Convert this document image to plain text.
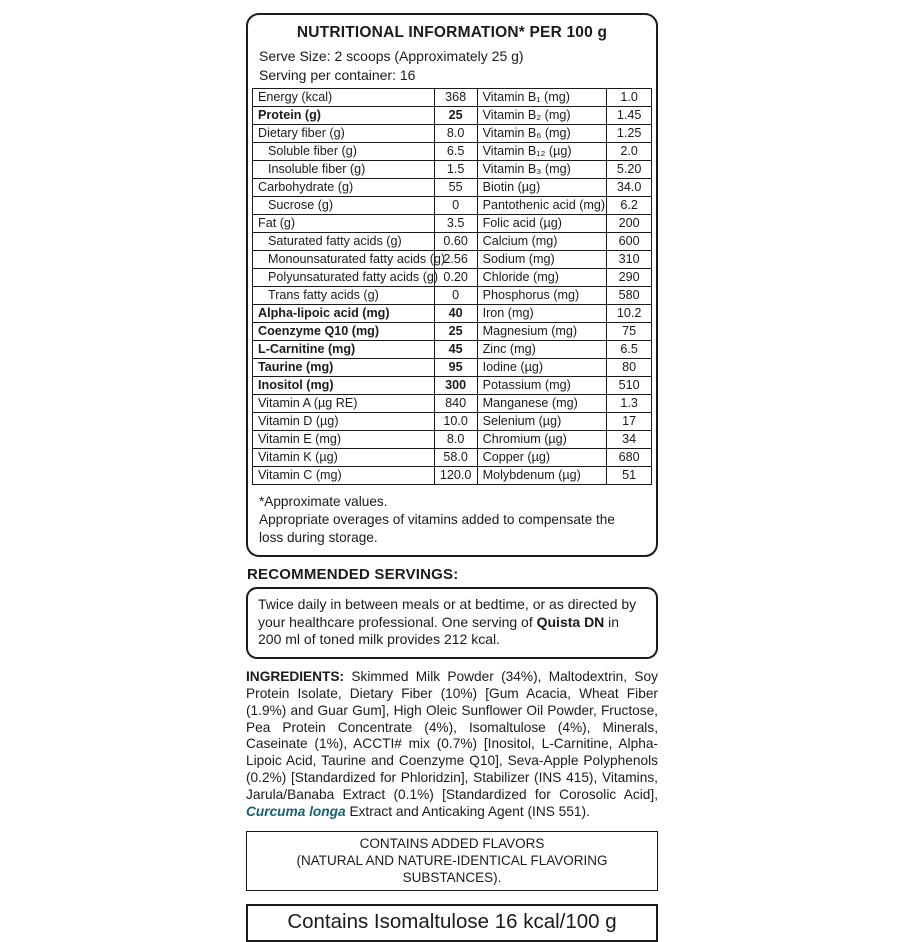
NUTRITIONAL INFORMATION* PER 100 g
Serve Size: 2 scoops (Approximately 25 g)
Serving per container: 16
Energy (kcal)	368	Vitamin B₁ (mg)	1.0
Protein (g)	25	Vitamin B₂ (mg)	1.45
Dietary fiber (g)	8.0	Vitamin B₆ (mg)	1.25
Soluble fiber (g)	6.5	Vitamin B₁₂ (µg)	2.0
Insoluble fiber (g)	1.5	Vitamin B₃ (mg)	5.20
Carbohydrate (g)	55	Biotin (µg)	34.0
Sucrose (g)	0	Pantothenic acid (mg)	6.2
Fat (g)	3.5	Folic acid (µg)	200
Saturated fatty acids (g)	0.60	Calcium (mg)	600
Monounsaturated fatty acids (g)	2.56	Sodium (mg)	310
Polyunsaturated fatty acids (g)	0.20	Chloride (mg)	290
Trans fatty acids (g)	0	Phosphorus (mg)	580
Alpha-lipoic acid (mg)	40	Iron (mg)	10.2
Coenzyme Q10 (mg)	25	Magnesium (mg)	75
L-Carnitine (mg)	45	Zinc (mg)	6.5
Taurine (mg)	95	Iodine (µg)	80
Inositol (mg)	300	Potassium (mg)	510
Vitamin A (µg RE)	840	Manganese (mg)	1.3
Vitamin D (µg)	10.0	Selenium (µg)	17
Vitamin E (mg)	8.0	Chromium (µg)	34
Vitamin K (µg)	58.0	Copper (µg)	680
Vitamin C (mg)	120.0	Molybdenum (µg)	51
*Approximate values.
Appropriate overages of vitamins added to compensate the loss during storage.
RECOMMENDED SERVINGS:
Twice daily in between meals or at bedtime, or as directed by your healthcare professional. One serving of Quista DN in 200 ml of toned milk provides 212 kcal.
INGREDIENTS: Skimmed Milk Powder (34%), Maltodextrin, Soy Protein Isolate, Dietary Fiber (10%) [Gum Acacia, Wheat Fiber (1.9%) and Guar Gum], High Oleic Sunflower Oil Powder, Fructose, Pea Protein Concentrate (4%), Isomaltulose (4%), Minerals, Caseinate (1%), ACCTI# mix (0.7%) [Inositol, L-Carnitine, Alpha-Lipoic Acid, Taurine and Coenzyme Q10], Seva-Apple Polyphenols (0.2%) [Standardized for Phloridzin], Stabilizer (INS 415), Vitamins, Jarula/Banaba Extract (0.1%) [Standardized for Corosolic Acid], Curcuma longa Extract and Anticaking Agent (INS 551).
CONTAINS ADDED FLAVORS
(NATURAL AND NATURE-IDENTICAL FLAVORING SUBSTANCES).
Contains Isomaltulose 16 kcal/100 g
